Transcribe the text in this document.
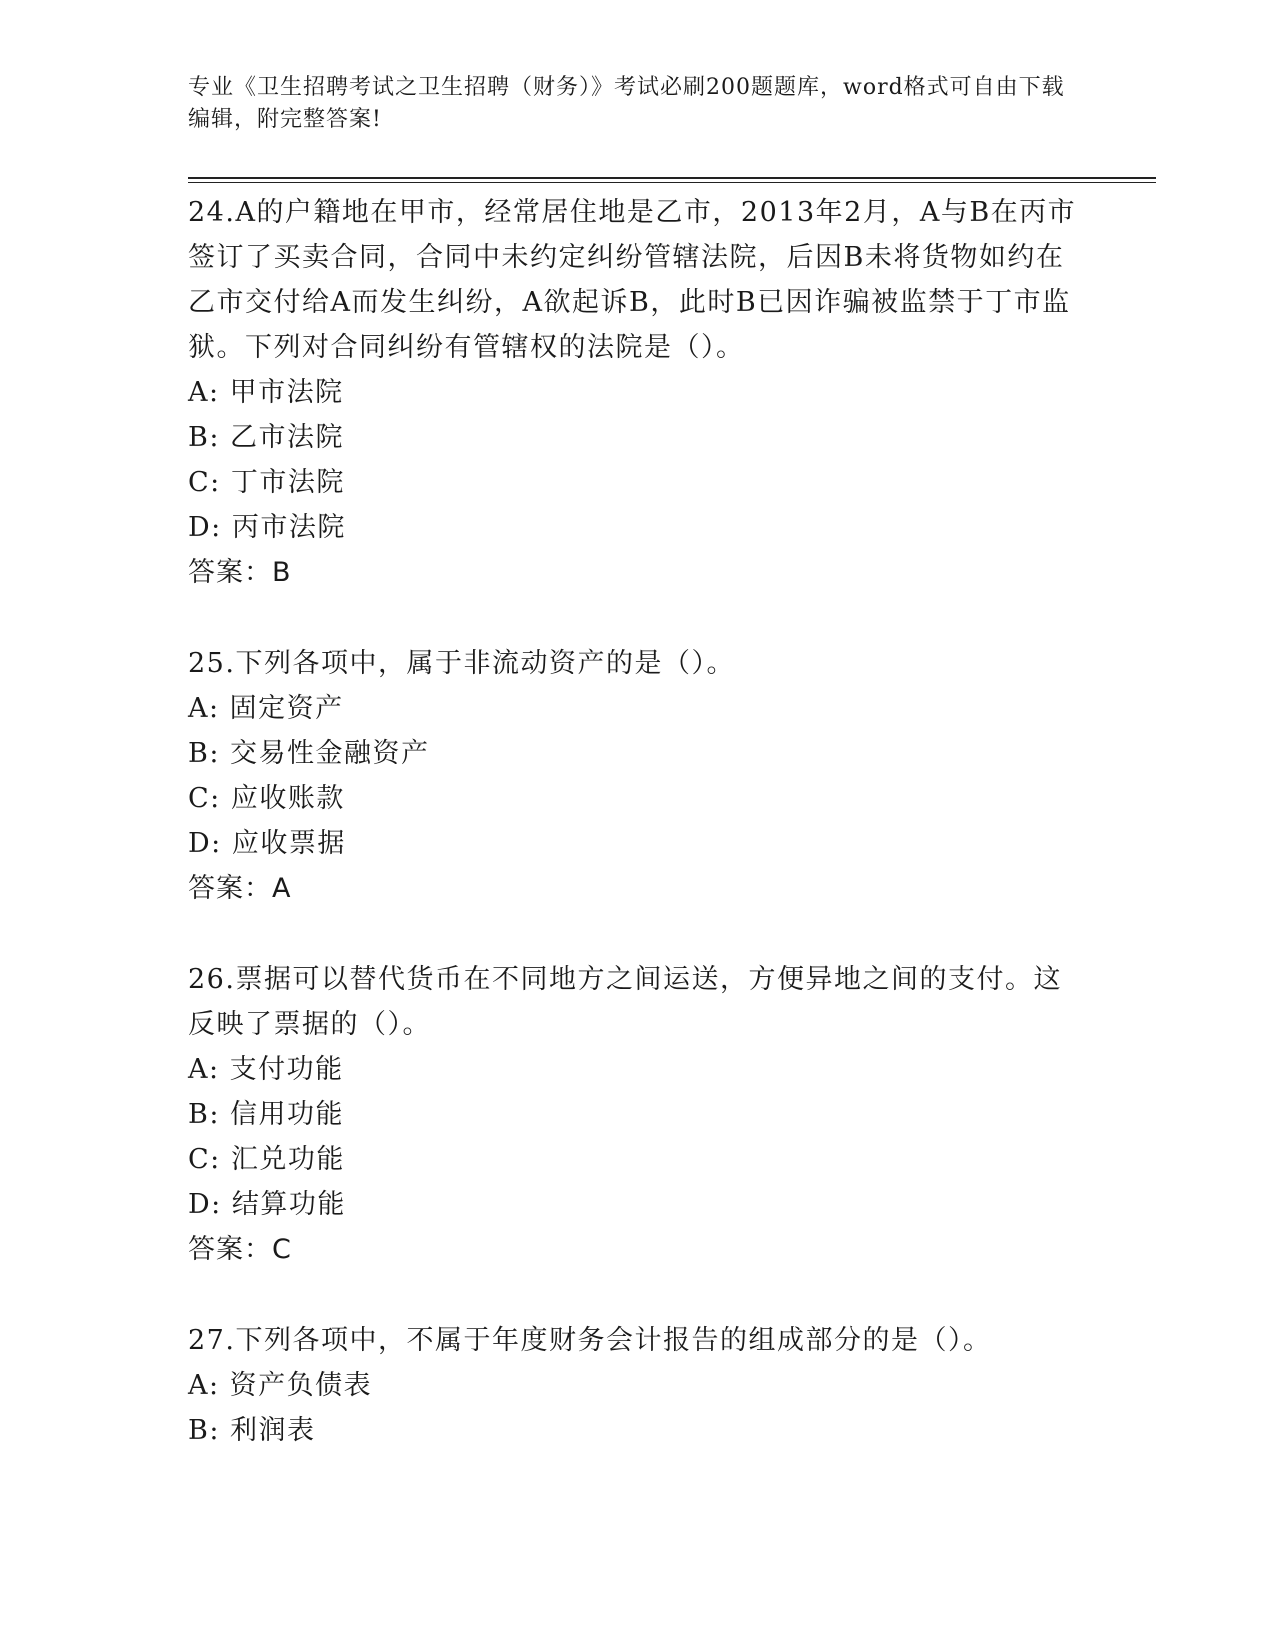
专业《卫生招聘考试之卫生招聘（财务）》考试必刷200题题库，word格式可自由下载编辑，附完整答案!

24.A的户籍地在甲市，经常居住地是乙市，2013年2月，A与B在丙市签订了买卖合同，合同中未约定纠纷管辖法院，后因B未将货物如约在乙市交付给A而发生纠纷，A欲起诉B，此时B已因诈骗被监禁于丁市监狱。下列对合同纠纷有管辖权的法院是（）。

A: 甲市法院

B: 乙市法院

C: 丁市法院

D: 丙市法院

答案：B

25.下列各项中，属于非流动资产的是（）。

A: 固定资产

B: 交易性金融资产

C: 应收账款

D: 应收票据

答案：A

26.票据可以替代货币在不同地方之间运送，方便异地之间的支付。这反映了票据的（）。

A: 支付功能

B: 信用功能

C: 汇兑功能

D: 结算功能

答案：C

27.下列各项中，不属于年度财务会计报告的组成部分的是（）。

A: 资产负债表

B: 利润表
